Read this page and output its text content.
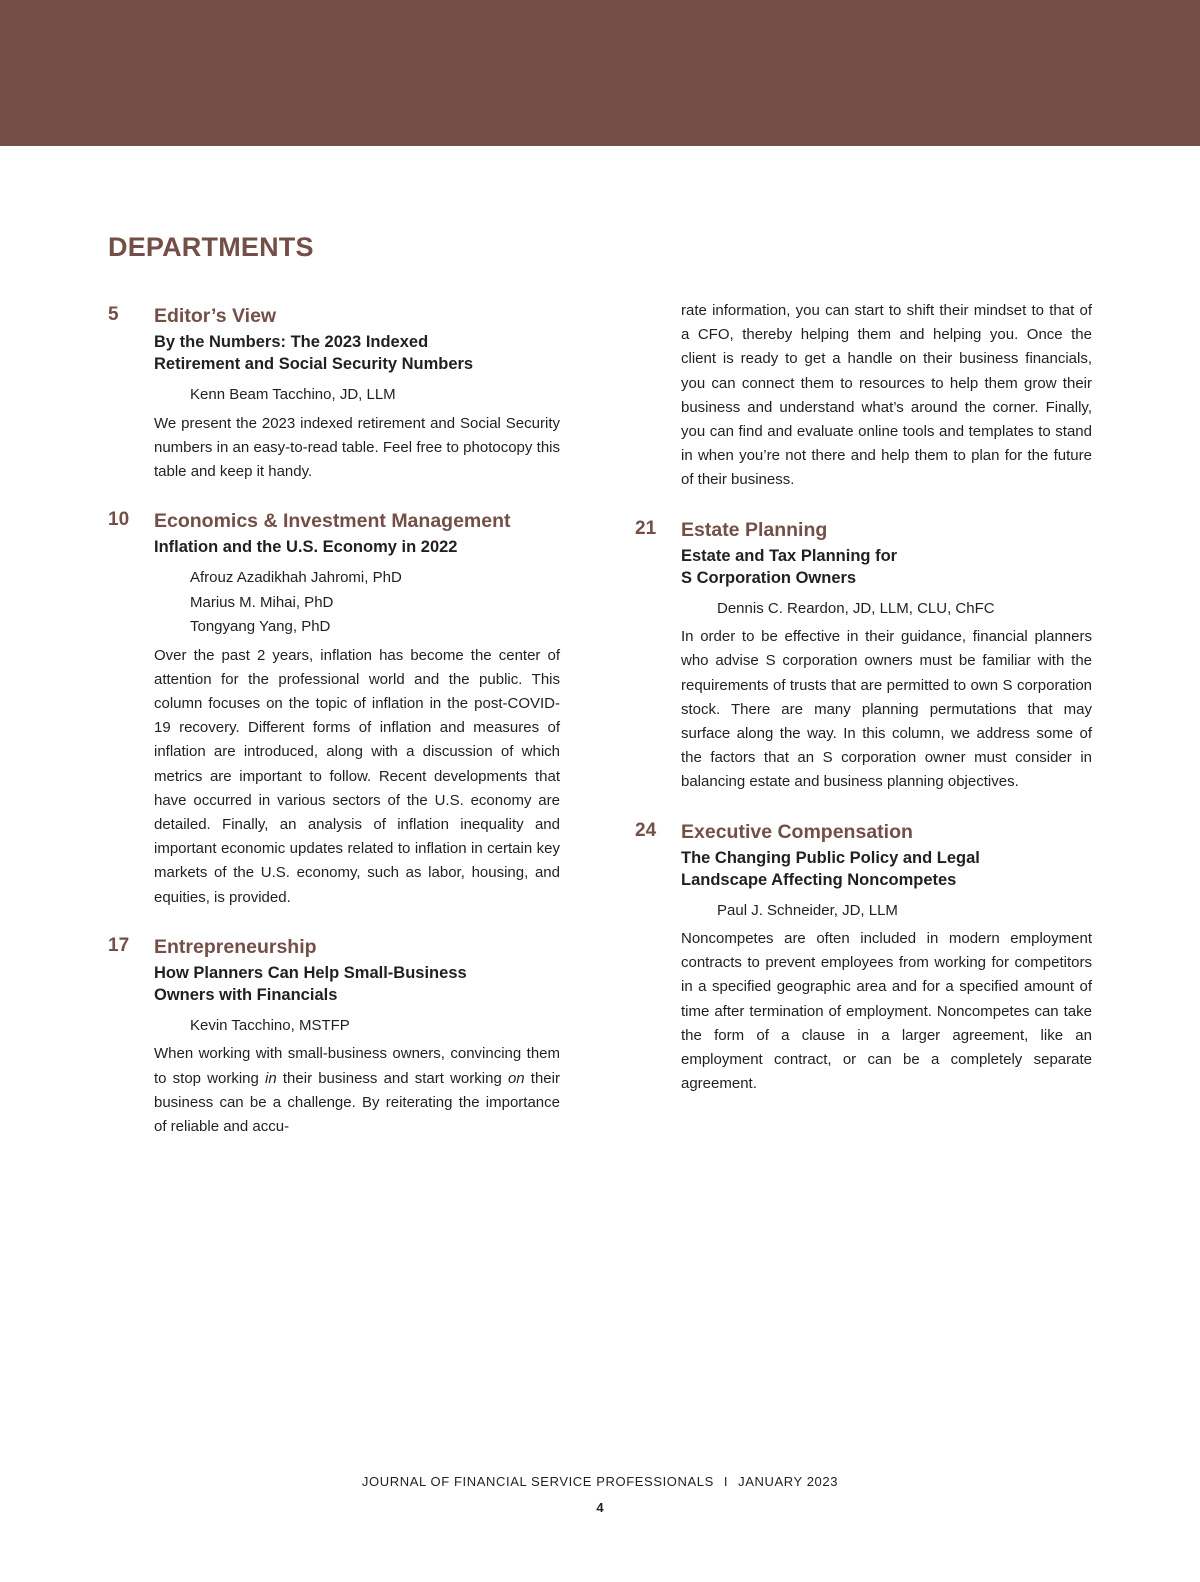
DEPARTMENTS
5 Editor’s View
By the Numbers: The 2023 Indexed
Retirement and Social Security Numbers
Kenn Beam Tacchino, JD, LLM

We present the 2023 indexed retirement and Social Security numbers in an easy-to-read table. Feel free to photocopy this table and keep it handy.

10 Economics & Investment Management
Inflation and the U.S. Economy in 2022
Afrouz Azadikhah Jahromi, PhD
Marius M. Mihai, PhD
Tongyang Yang, PhD

Over the past 2 years, inflation has become the center of attention for the professional world and the public. This column focuses on the topic of inflation in the post-COVID-19 recovery. Different forms of inflation and measures of inflation are introduced, along with a discussion of which metrics are important to follow. Recent developments that have occurred in various sectors of the U.S. economy are detailed. Finally, an analysis of inflation inequality and important economic updates related to inflation in certain key markets of the U.S. economy, such as labor, housing, and equities, is provided.

17 Entrepreneurship
How Planners Can Help Small-Business
Owners with Financials
Kevin Tacchino, MSTFP

When working with small-business owners, convincing them to stop working in their business and start working on their business can be a challenge. By reiterating the importance of reliable and accu-

rate information, you can start to shift their mindset to that of a CFO, thereby helping them and helping you. Once the client is ready to get a handle on their business financials, you can connect them to resources to help them grow their business and understand what’s around the corner. Finally, you can find and evaluate online tools and templates to stand in when you’re not there and help them to plan for the future of their business.

21 Estate Planning
Estate and Tax Planning for
S Corporation Owners
Dennis C. Reardon, JD, LLM, CLU, ChFC

In order to be effective in their guidance, financial planners who advise S corporation owners must be familiar with the requirements of trusts that are permitted to own S corporation stock. There are many planning permutations that may surface along the way. In this column, we address some of the factors that an S corporation owner must consider in balancing estate and business planning objectives.

24 Executive Compensation
The Changing Public Policy and Legal
Landscape Affecting Noncompetes
Paul J. Schneider, JD, LLM

Noncompetes are often included in modern employment contracts to prevent employees from working for competitors in a specified geographic area and for a specified amount of time after termination of employment. Noncompetes can take the form of a clause in a larger agreement, like an employment contract, or can be a completely separate agreement.

JOURNAL OF FINANCIAL SERVICE PROFESSIONALS I JANUARY 2023
4
